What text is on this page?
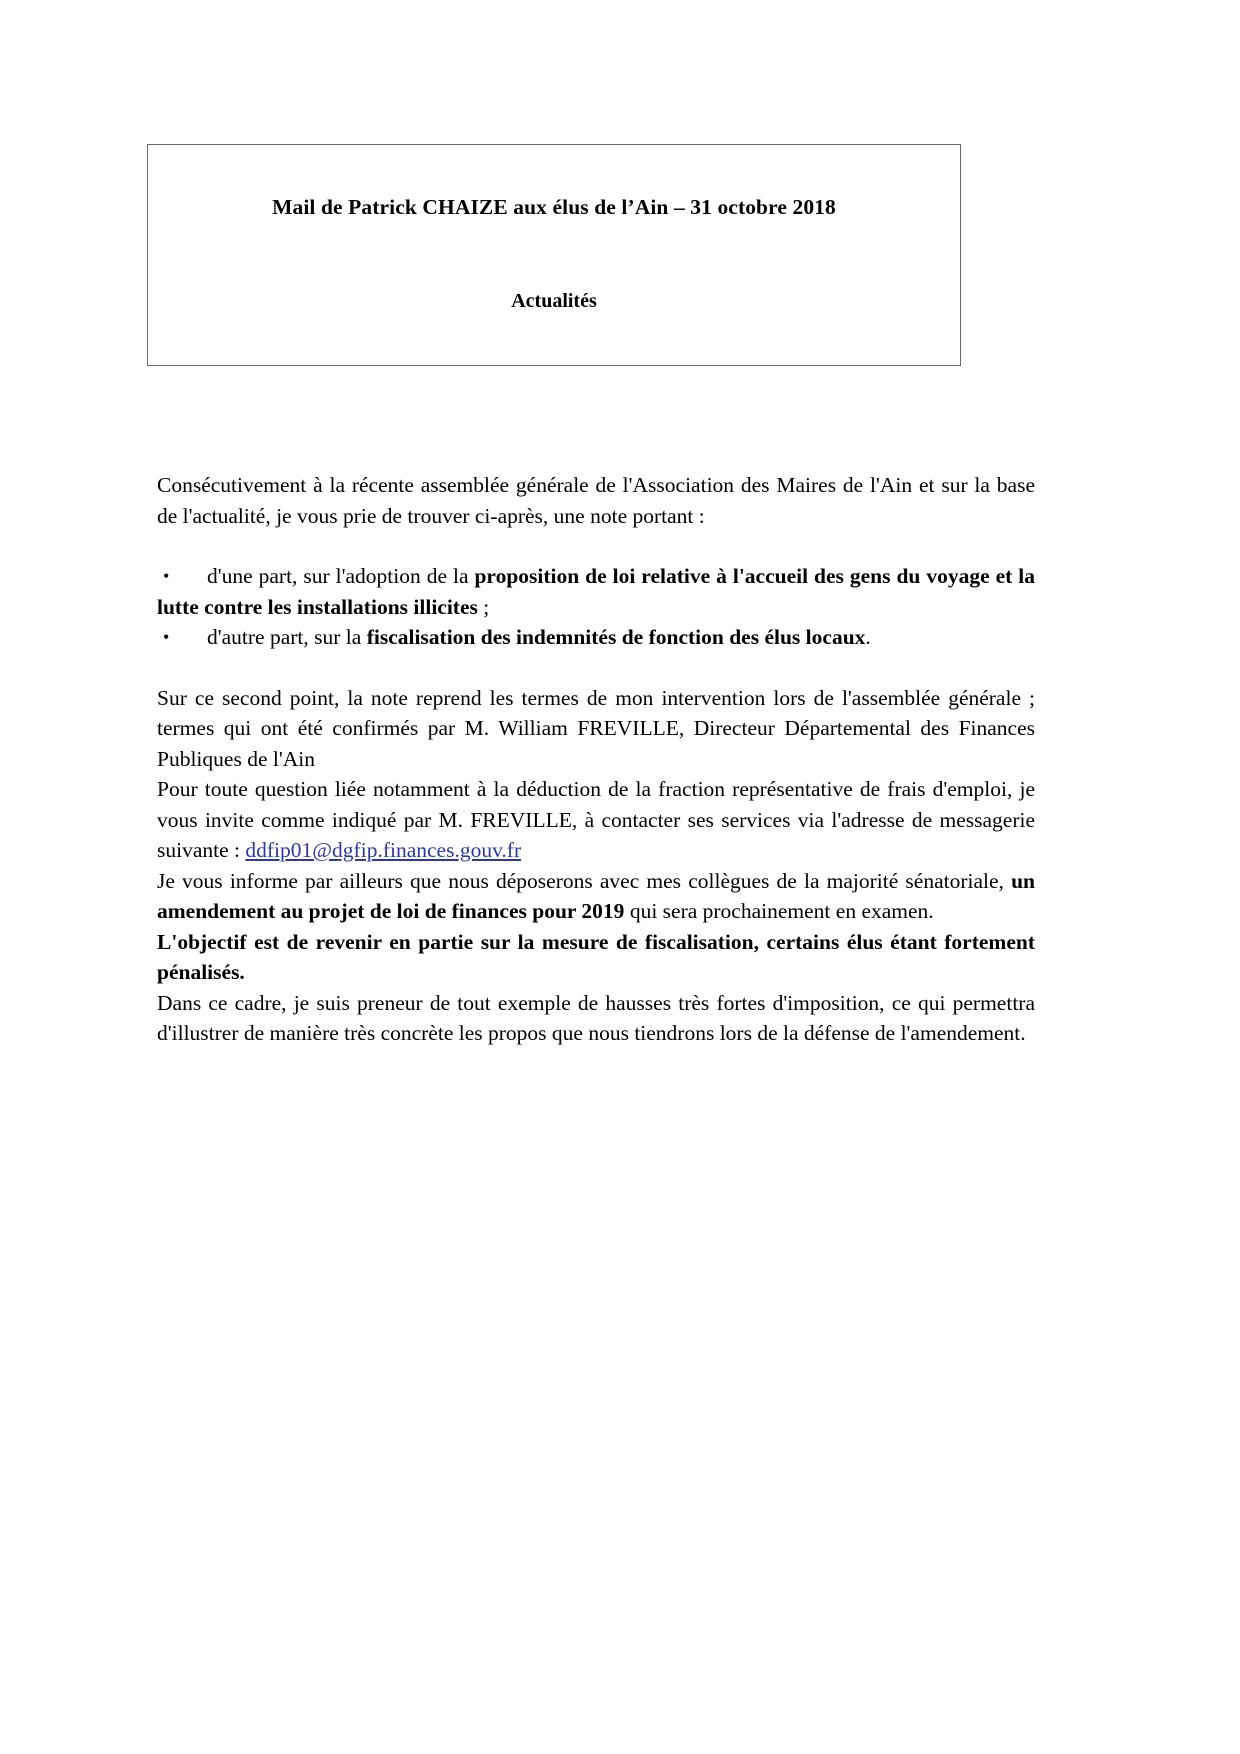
Mail de Patrick CHAIZE aux élus de l’Ain – 31 octobre 2018
Actualités

Consécutivement à la récente assemblée générale de l'Association des Maires de l'Ain et sur la base de l'actualité, je vous prie de trouver ci-après, une note portant :

•	d'une part, sur l'adoption de la proposition de loi relative à l'accueil des gens du voyage et la lutte contre les installations illicites ;
•	d'autre part, sur la fiscalisation des indemnités de fonction des élus locaux.

Sur ce second point, la note reprend les termes de mon intervention lors de l'assemblée générale ; termes qui ont été confirmés par M. William FREVILLE, Directeur Départemental des Finances Publiques de l'Ain

Pour toute question liée notamment à la déduction de la fraction représentative de frais d'emploi, je vous invite comme indiqué par M. FREVILLE, à contacter ses services via l'adresse de messagerie suivante : ddfip01@dgfip.finances.gouv.fr

Je vous informe par ailleurs que nous déposerons avec mes collègues de la majorité sénatoriale, un amendement au projet de loi de finances pour 2019 qui sera prochainement en examen.

L'objectif est de revenir en partie sur la mesure de fiscalisation, certains élus étant fortement pénalisés.

Dans ce cadre, je suis preneur de tout exemple de hausses très fortes d'imposition, ce qui permettra d'illustrer de manière très concrète les propos que nous tiendrons lors de la défense de l'amendement.
